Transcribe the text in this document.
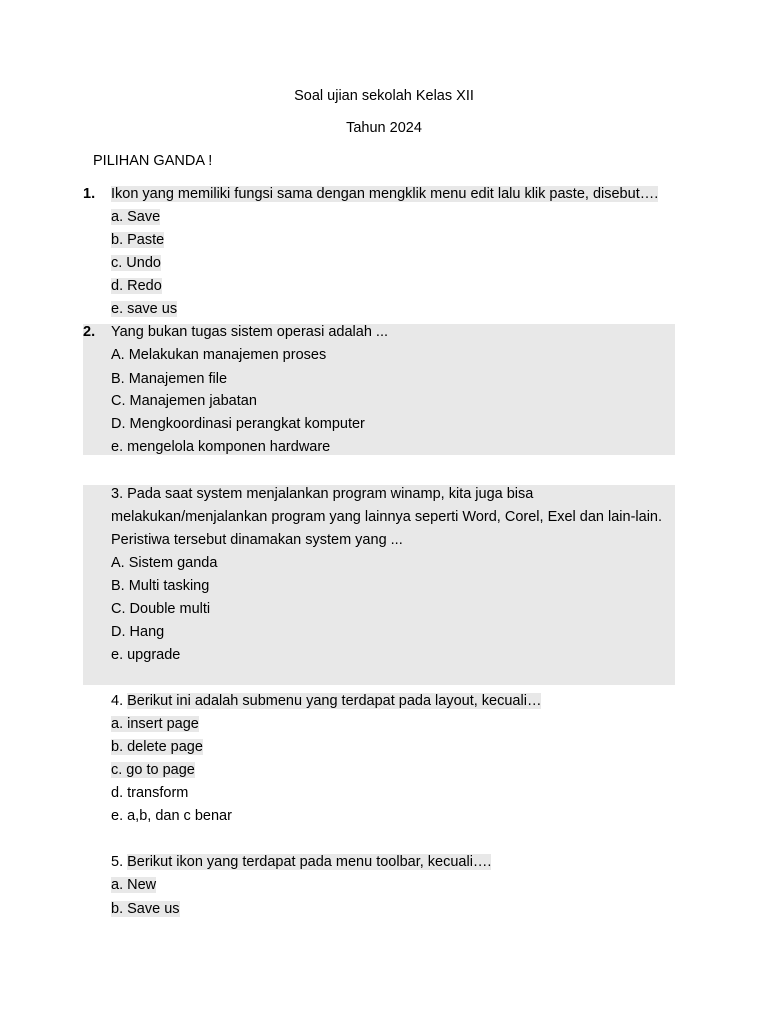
Soal ujian sekolah Kelas XII
Tahun 2024
PILIHAN GANDA !
1. Ikon yang memiliki fungsi sama dengan mengklik menu edit lalu klik paste, disebut….
a. Save
b. Paste
c. Undo
d. Redo
e. save us
2. Yang bukan tugas sistem operasi adalah ...
A. Melakukan manajemen proses
B. Manajemen file
C. Manajemen jabatan
D. Mengkoordinasi perangkat komputer
e. mengelola komponen hardware
3. Pada saat system menjalankan program winamp, kita juga bisa
melakukan/menjalankan program yang lainnya seperti Word, Corel, Exel dan lain-lain.
Peristiwa tersebut dinamakan system yang ...
A. Sistem ganda
B. Multi tasking
C. Double multi
D. Hang
e. upgrade
4. Berikut ini adalah submenu yang terdapat pada layout, kecuali…
a. insert page
b. delete page
c. go to page
d. transform
e. a,b, dan c benar
5. Berikut ikon yang terdapat pada menu toolbar, kecuali….
a. New
b. Save us
